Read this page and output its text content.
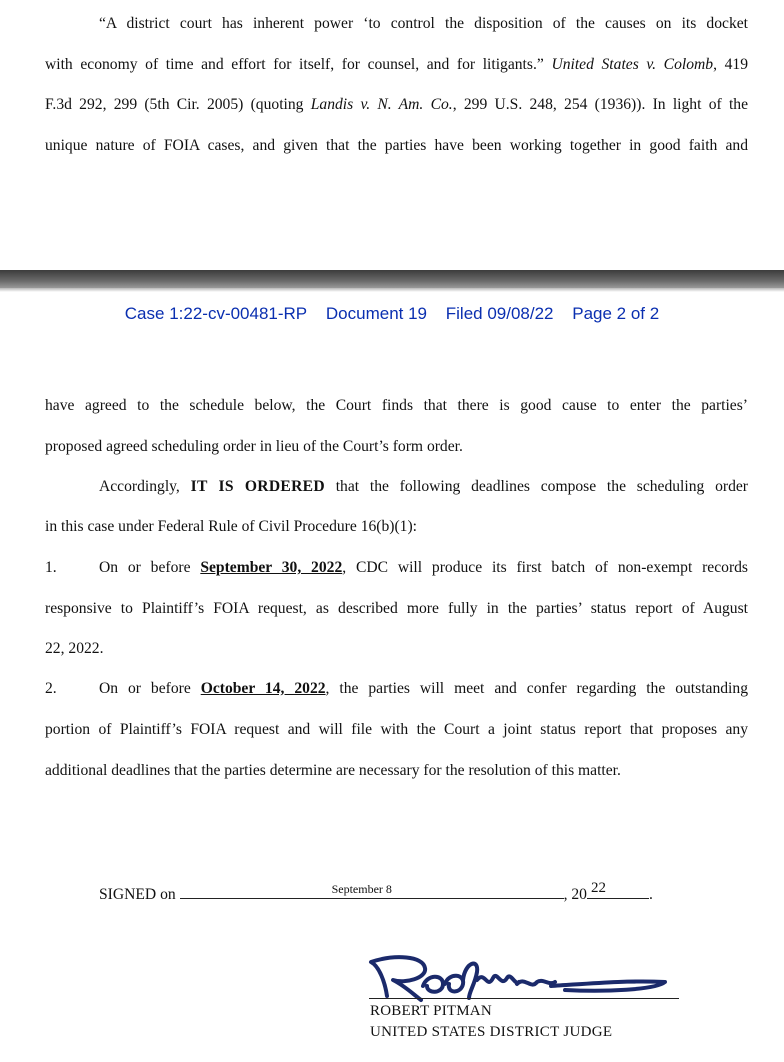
“A district court has inherent power ‘to control the disposition of the causes on its docket
with economy of time and effort for itself, for counsel, and for litigants.” United States v. Colomb, 419
F.3d 292, 299 (5th Cir. 2005) (quoting Landis v. N. Am. Co., 299 U.S. 248, 254 (1936)). In light of the
unique nature of FOIA cases, and given that the parties have been working together in good faith and
Case 1:22-cv-00481-RP Document 19 Filed 09/08/22 Page 2 of 2
have agreed to the schedule below, the Court finds that there is good cause to enter the parties’
proposed agreed scheduling order in lieu of the Court’s form order.
Accordingly, IT IS ORDERED that the following deadlines compose the scheduling order
in this case under Federal Rule of Civil Procedure 16(b)(1):
1.	On or before September 30, 2022, CDC will produce its first batch of non-exempt records
responsive to Plaintiff’s FOIA request, as described more fully in the parties’ status report of August
22, 2022.
2.	On or before October 14, 2022, the parties will meet and confer regarding the outstanding
portion of Plaintiff’s FOIA request and will file with the Court a joint status report that proposes any
additional deadlines that the parties determine are necessary for the resolution of this matter.
SIGNED on	September 8	, 20 22	.
ROBERT PITMAN
UNITED STATES DISTRICT JUDGE
